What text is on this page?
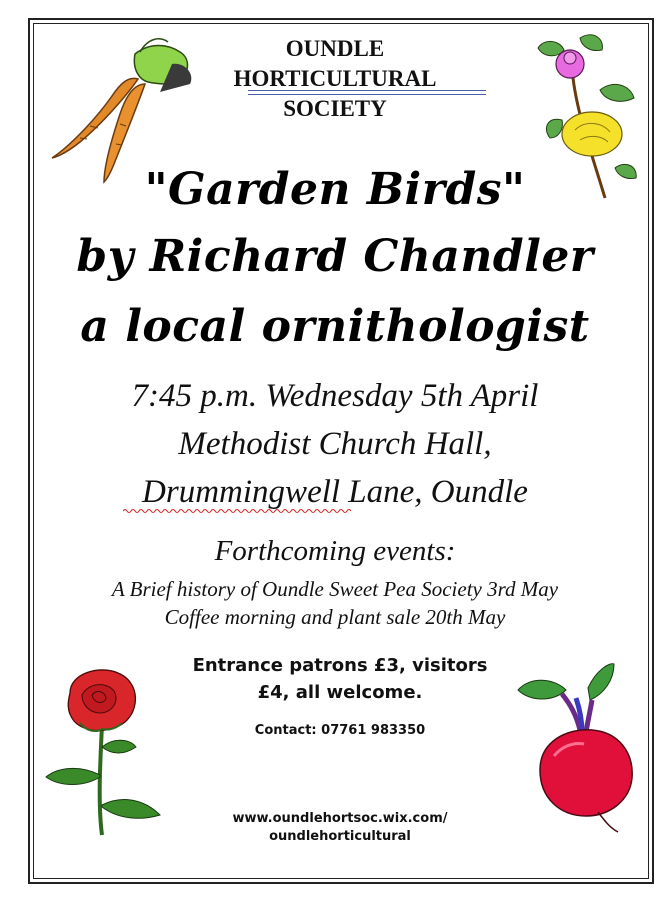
OUNDLE
HORTICULTURAL
SOCIETY
"Garden Birds"
by Richard Chandler
a local ornithologist
7:45 p.m. Wednesday 5th April
Methodist Church Hall,
Drummingwell Lane, Oundle
Forthcoming events:
A Brief history of Oundle Sweet Pea Society 3rd May
Coffee morning and plant sale 20th May
Entrance patrons £3, visitors
£4, all welcome.
Contact: 07761 983350
www.oundlehortsoc.wix.com/
oundlehorticultural
